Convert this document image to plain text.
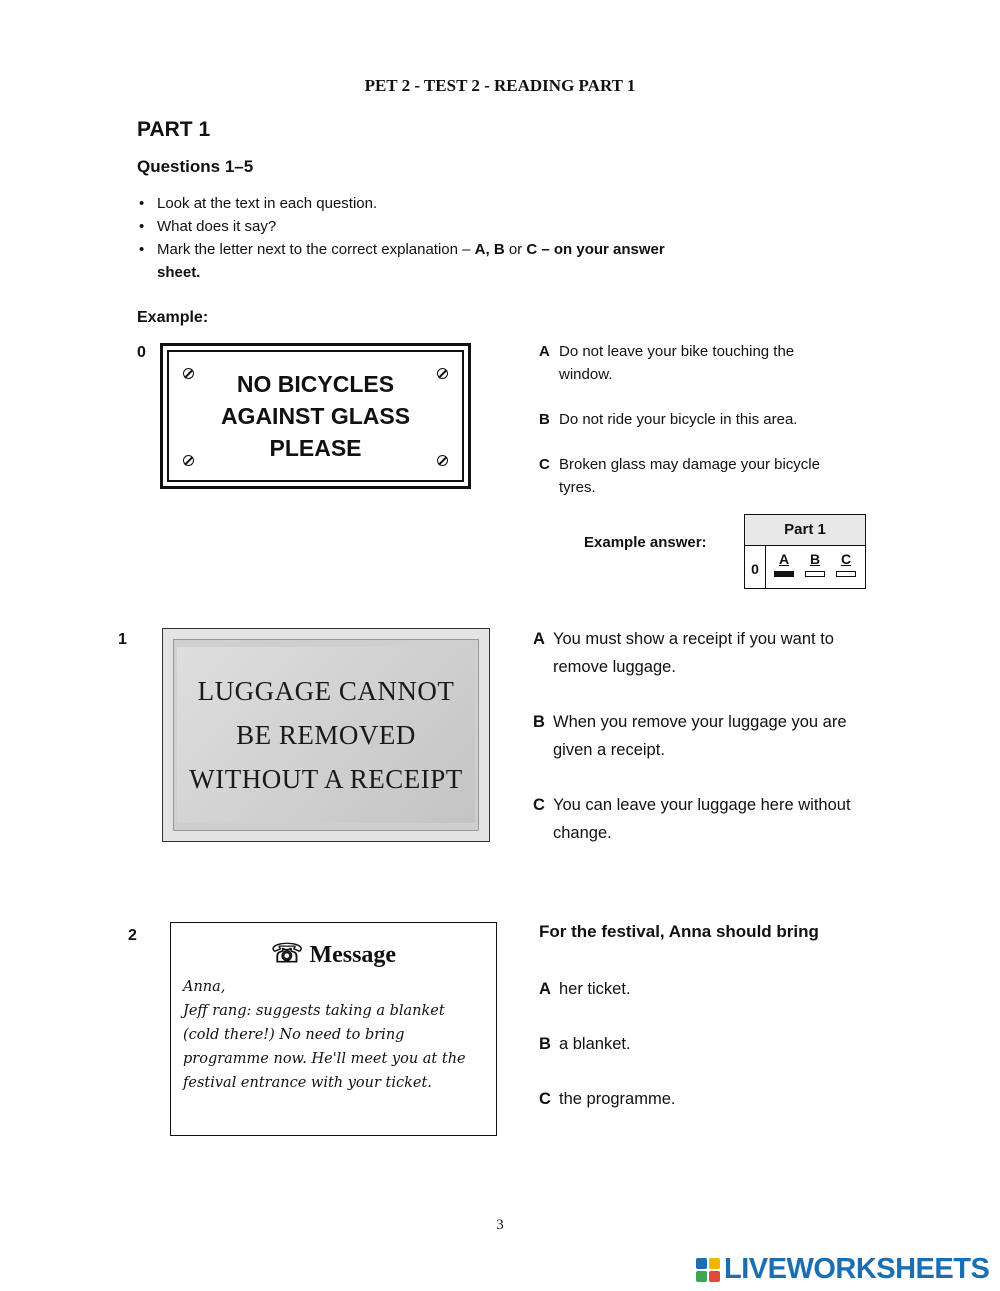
PET 2 - TEST 2 - READING PART 1
PART 1
Questions 1–5
• Look at the text in each question.
• What does it say?
• Mark the letter next to the correct explanation – A, B or C – on your answer sheet.
Example:
0
NO BICYCLES
AGAINST GLASS
PLEASE
A Do not leave your bike touching the window.
B Do not ride your bicycle in this area.
C Broken glass may damage your bicycle tyres.
Example answer:
Part 1
0
A	B	C
1
LUGGAGE CANNOT
BE REMOVED
WITHOUT A RECEIPT
A You must show a receipt if you want to remove luggage.
B When you remove your luggage you are given a receipt.
C You can leave your luggage here without change.
2
☏ Message
Anna,
Jeff rang: suggests taking a blanket
(cold there!) No need to bring
programme now. He'll meet you at the
festival entrance with your ticket.
For the festival, Anna should bring
A her ticket.
B a blanket.
C the programme.
3
LIVEWORKSHEETS
